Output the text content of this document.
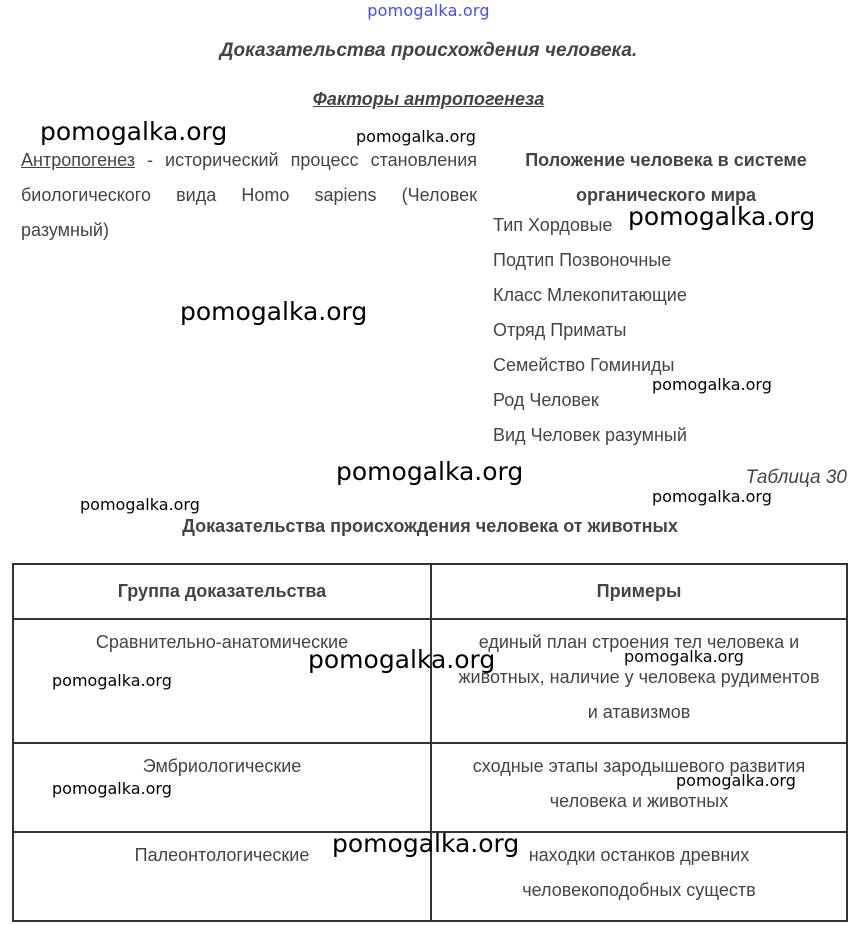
pomogalka.org
Доказательства происхождения человека.
Факторы антропогенеза
Антропогенез - исторический процесс становления биологического вида Homo sapiens (Человек разумный)
Положение человека в системе органического мира
Тип Хордовые
Подтип Позвоночные
Класс Млекопитающие
Отряд Приматы
Семейство Гоминиды
Род Человек
Вид Человек разумный
Таблица 30
Доказательства происхождения человека от животных
Группа доказательства	Примеры
Сравнительно-анатомические	единый план строения тел человека и животных, наличие у человека рудиментов и атавизмов
Эмбриологические	сходные этапы зародышевого развития человека и животных
Палеонтологические	находки останков древних человекоподобных существ
pomogalka.org	pomogalka.org
pomogalka.org
pomogalka.org
pomogalka.org
pomogalka.org
pomogalka.org	pomogalka.org
pomogalka.org	pomogalka.org
pomogalka.org
pomogalka.org
pomogalka.org
pomogalka.org
